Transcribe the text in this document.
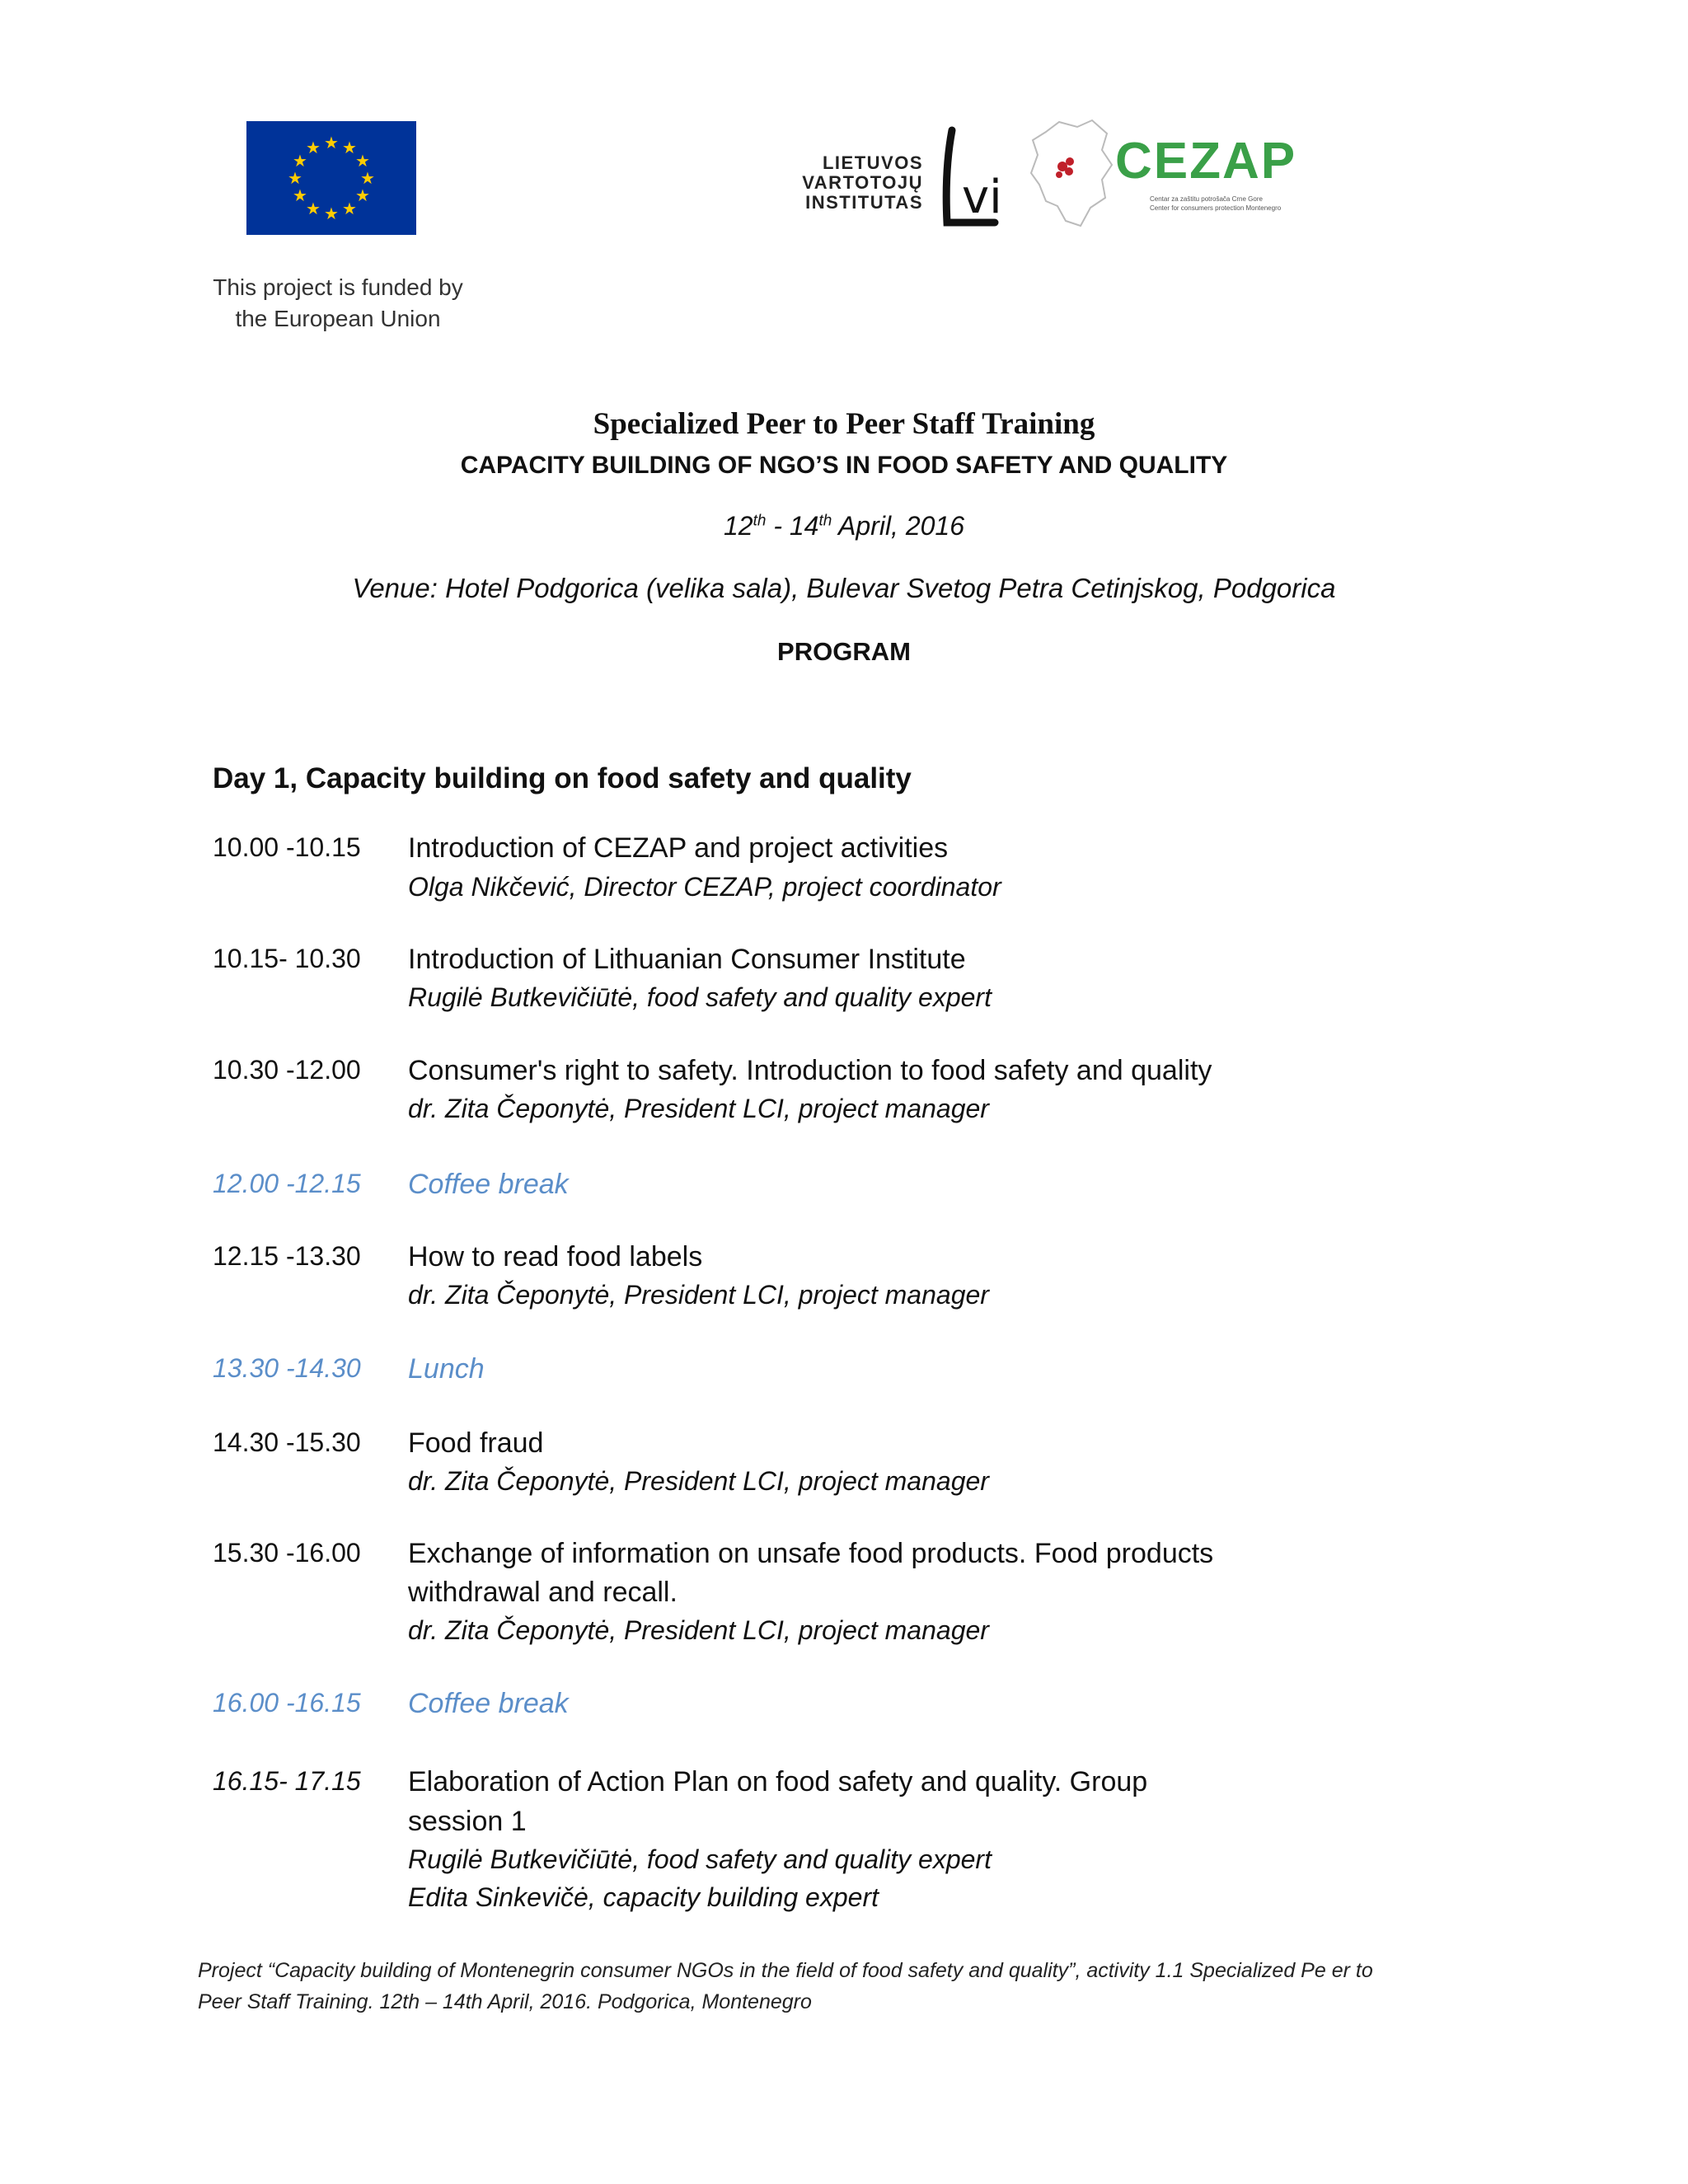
★ ★
★
★
★
★
★
★
★
★
★
★
This project is funded by
the European Union
LIETUVOS
VARTOTOJŲ
INSTITUTAS vi
CEZAP
Centar za zaštitu potrošača Crne Gore
Center for consumers protection Montenegro
Specialized Peer to Peer Staff Training
CAPACITY BUILDING OF NGO’S IN FOOD SAFETY AND QUALITY
12th - 14th April, 2016
Venue: Hotel Podgorica (velika sala), Bulevar Svetog Petra Cetinjskog, Podgorica
PROGRAM
Day 1, Capacity building on food safety and quality
10.00 -10.15 Introduction of CEZAP and project activities
Olga Nikčević, Director CEZAP, project coordinator
10.15- 10.30 Introduction of Lithuanian Consumer Institute
Rugilė Butkevičiūtė, food safety and quality expert
10.30 -12.00 Consumer's right to safety. Introduction to food safety and quality
dr. Zita Čeponytė, President LCI, project manager
12.00 -12.15 Coffee break
12.15 -13.30 How to read food labels
dr. Zita Čeponytė, President LCI, project manager
13.30 -14.30 Lunch
14.30 -15.30 Food fraud
dr. Zita Čeponytė, President LCI, project manager
15.30 -16.00 Exchange of information on unsafe food products. Food products
withdrawal and recall.
dr. Zita Čeponytė, President LCI, project manager
16.00 -16.15 Coffee break
16.15- 17.15 Elaboration of Action Plan on food safety and quality. Group
session 1
Rugilė Butkevičiūtė, food safety and quality expert
Edita Sinkevičė, capacity building expert
Project “Capacity building of Montenegrin consumer NGOs in the field of food safety and quality”, activity 1.1 Specialized Pe er to
Peer Staff Training. 12th – 14th April, 2016. Podgorica, Montenegro
